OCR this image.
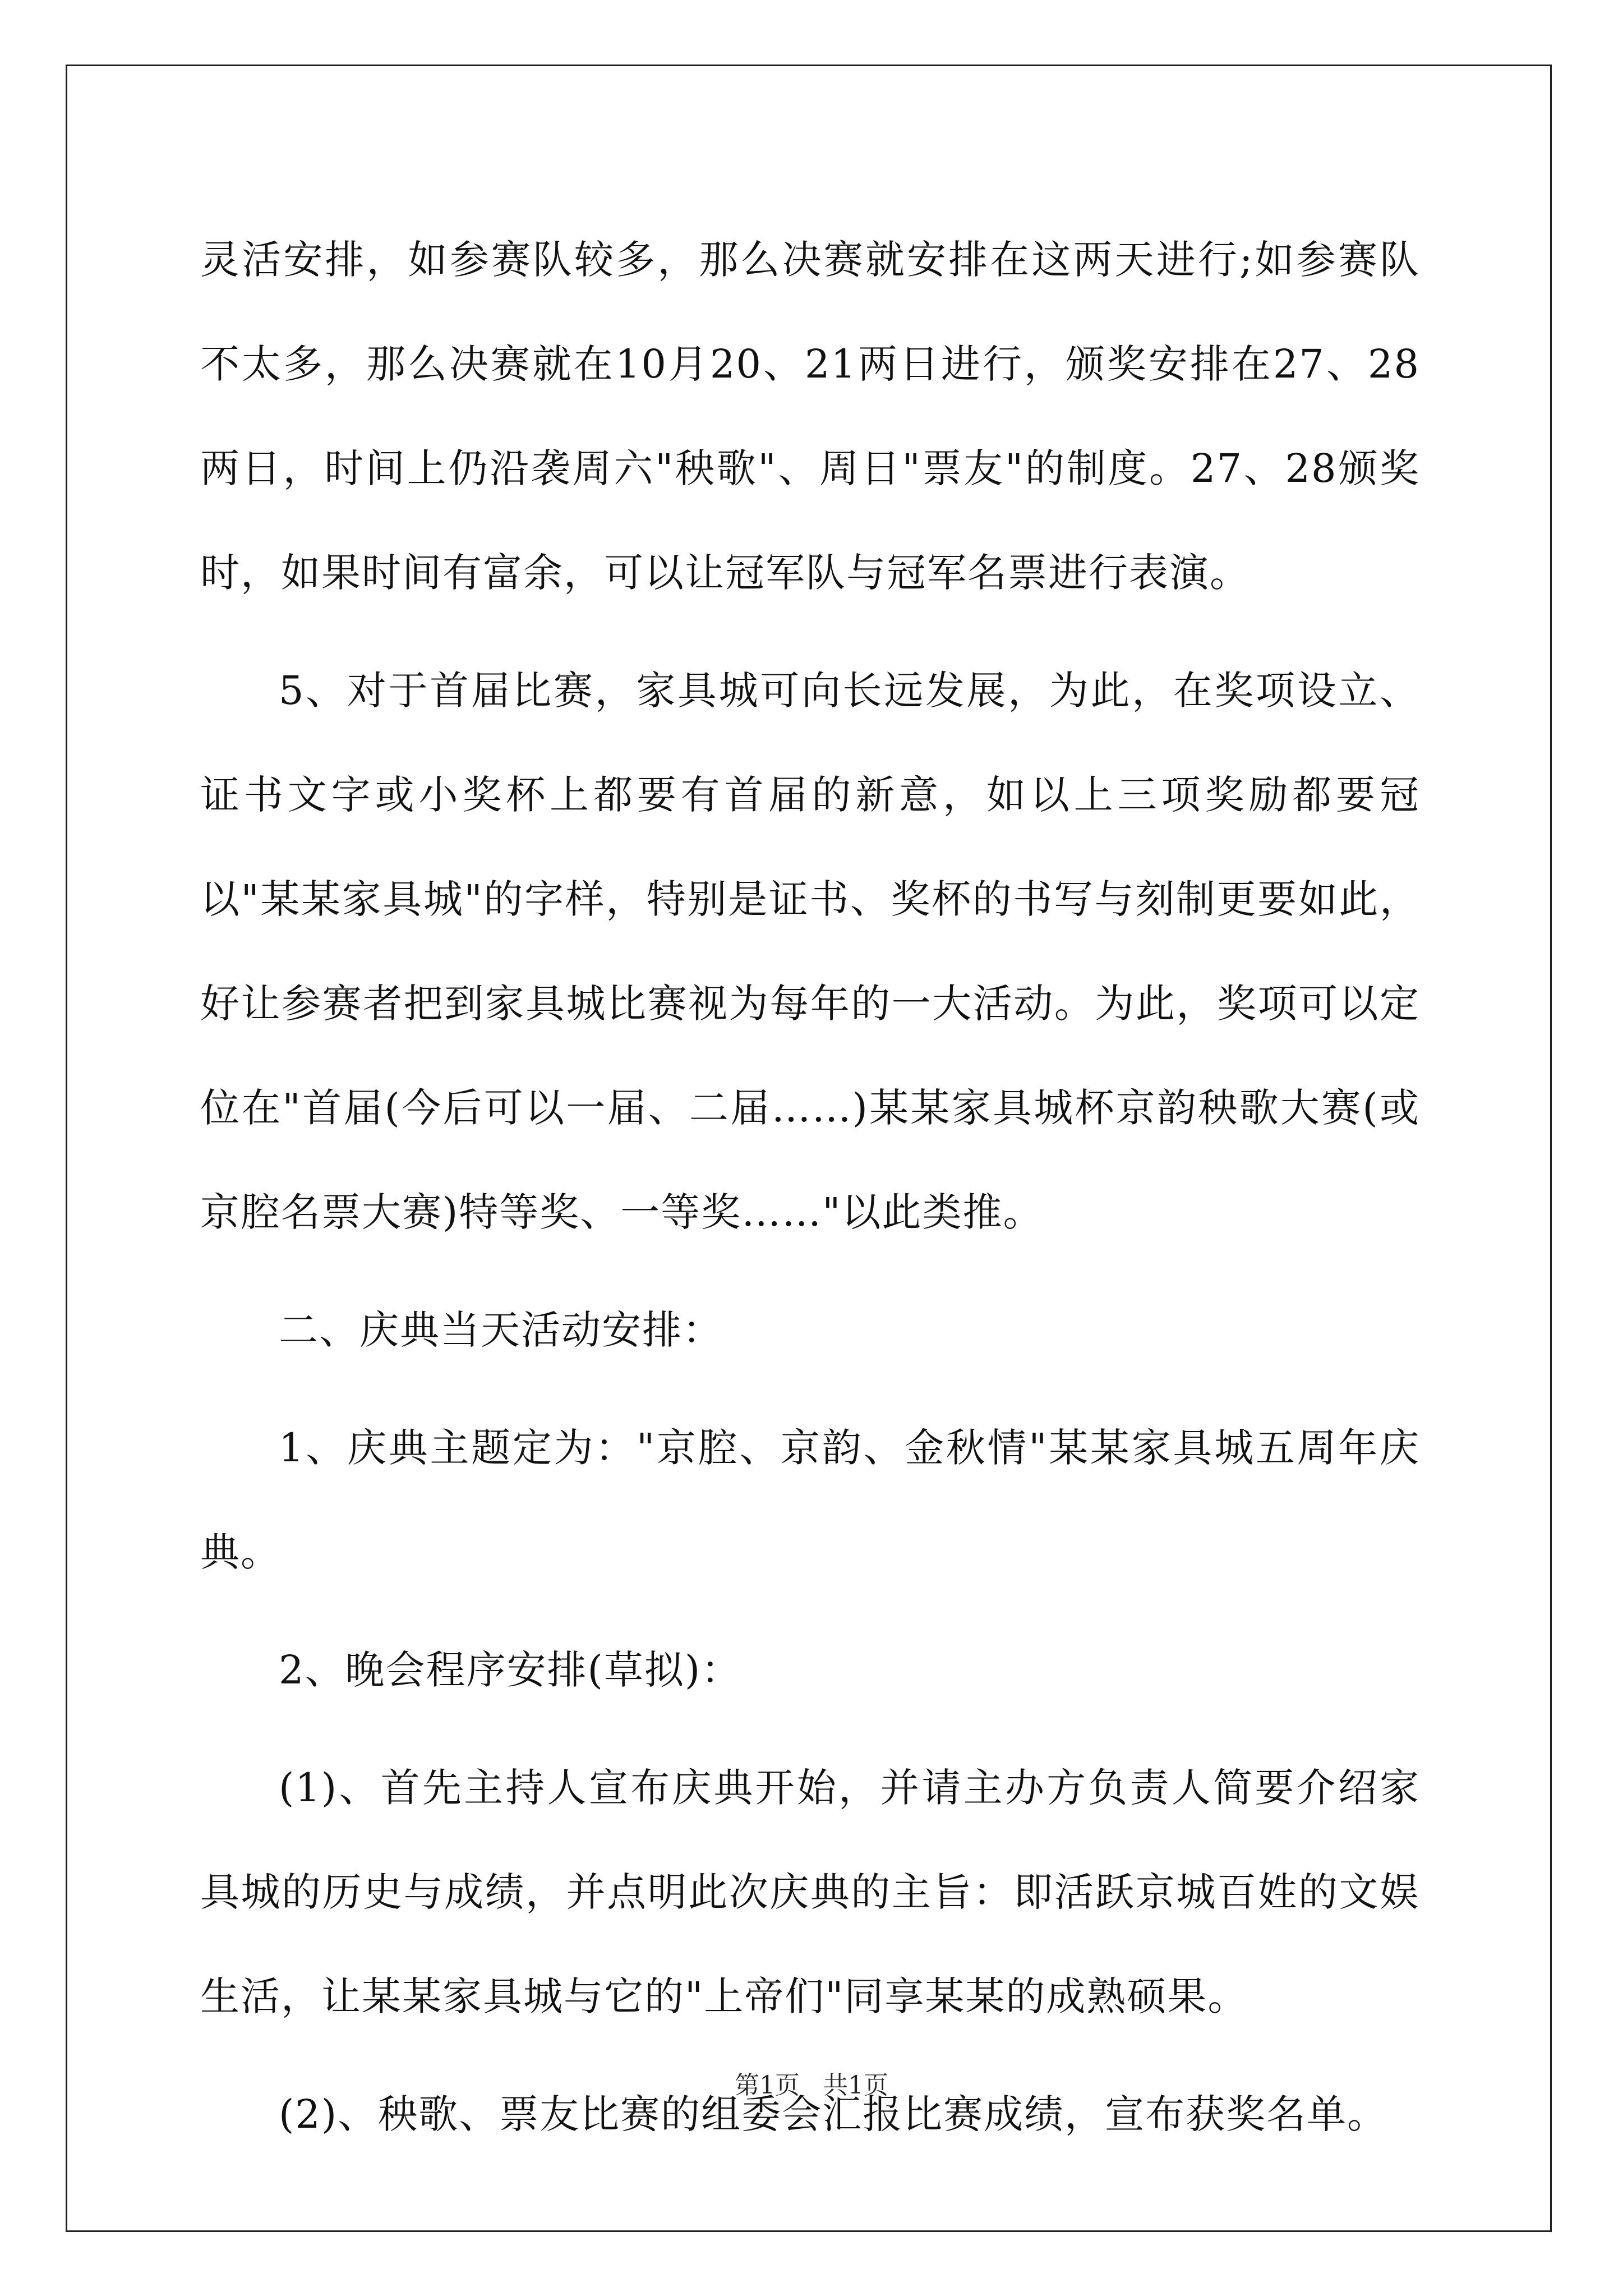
灵活安排，如参赛队较多，那么决赛就安排在这两天进行;如参赛队不太多，那么决赛就在10月20、21两日进行，颁奖安排在27、28两日，时间上仍沿袭周六"秧歌"、周日"票友"的制度。27、28颁奖时，如果时间有富余，可以让冠军队与冠军名票进行表演。

5、对于首届比赛，家具城可向长远发展，为此，在奖项设立、证书文字或小奖杯上都要有首届的新意，如以上三项奖励都要冠以"某某家具城"的字样，特别是证书、奖杯的书写与刻制更要如此，好让参赛者把到家具城比赛视为每年的一大活动。为此，奖项可以定位在"首届(今后可以一届、二届……)某某家具城杯京韵秧歌大赛(或京腔名票大赛)特等奖、一等奖……"以此类推。

二、庆典当天活动安排：

1、庆典主题定为："京腔、京韵、金秋情"某某家具城五周年庆典。

2、晚会程序安排(草拟)：

(1)、首先主持人宣布庆典开始，并请主办方负责人简要介绍家具城的历史与成绩，并点明此次庆典的主旨：即活跃京城百姓的文娱生活，让某某家具城与它的"上帝们"同享某某的成熟硕果。

(2)、秧歌、票友比赛的组委会汇报比赛成绩，宣布获奖名单。

第1页   共1页
